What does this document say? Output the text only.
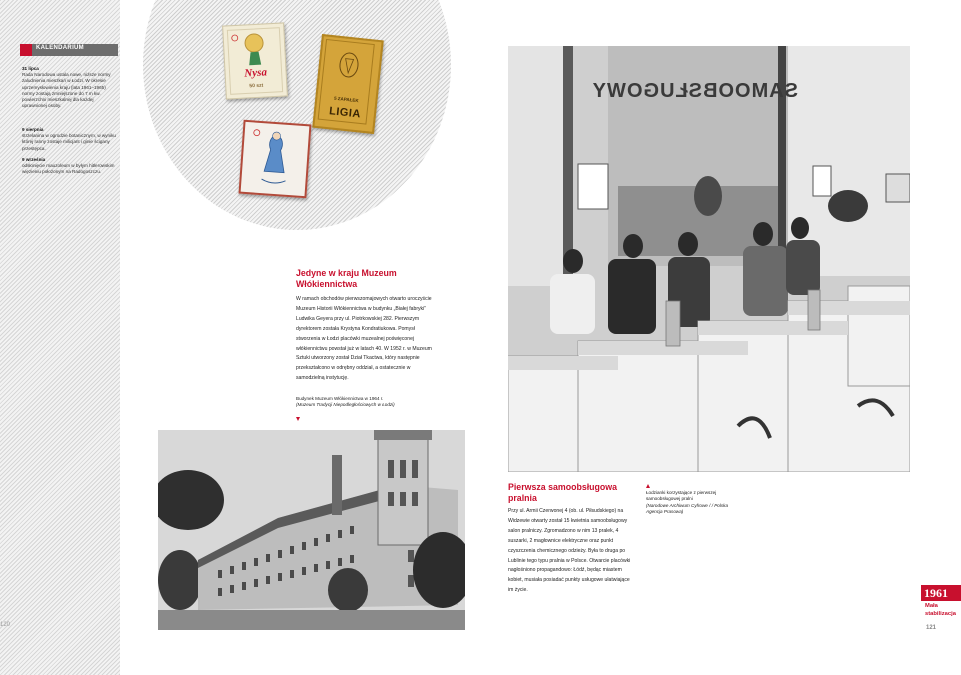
KALENDARIUM
31 lipca
Rada Narodowa ustala nowe, niższe normy zaludnienia mieszkań w Łodzi. W okresie uprzemysłowienia kraju (lata 1961–1965) normy zostają zmniejszone do 7 m kw. powierzchni mieszkalnej dla każdej uprawnionej osoby.
9 sierpnia
strzelanina w ogrodzie botanicznym, w wyniku której ranny zostaje milicjant i ginie ścigany przestępca.
9 września
odsłonięcie mauzoleum w byłym hitlerowskim więzieniu położonym na Radogoszczu.
120
Nysa
50 szt
5 ZAPAŁEK
LIGIA
Jedyne w kraju Muzeum Włókiennictwa
W ramach obchodów pierwszomajowych otwarto uroczyście Muzeum Historii Włókiennictwa w budynku „Białej fabryki” Ludwika Geyera przy ul. Piotrkowskiej 282. Pierwszym dyrektorem została Krystyna Kondratiukowa. Pomysł stworzenia w Łodzi placówki muzealnej poświęconej włókiennictwu powstał już w latach 40. W 1952 r. w Muzeum Sztuki utworzony został Dział Tkactwa, który następnie przekształcono w odrębny oddział, a ostatecznie w samodzielną instytucję.
Budynek Muzeum Włókiennictwa w 1964 r.
(Muzeum Tradycji Niepodległościowych w Łodzi)
SAMOOBSŁUGOWY
Pierwsza samoobsługowa pralnia
Przy ul. Armii Czerwonej 4 (ob. ul. Piłsudskiego) na Widzewie otwarty został 15 kwietnia samoobsługowy salon pralniczy. Zgromadzono w nim 13 pralek, 4 suszarki, 2 magłownice elektryczne oraz punkt czyszczenia chemicznego odzieży. Była to druga po Lublinie tego typu pralnia w Polsce. Otwarcie placówki nagłośniono propagandowo: Łódź, będąc miastem kobiet, musiała posiadać punkty usługowe ułatwiające im życie.
Łodzianki korzystające z pierwszej samoobsługowej pralni
(Narodowe Archiwum Cyfrowe / / Polska Agencja Prasowa)
1961
Mała stabilizacja
121
